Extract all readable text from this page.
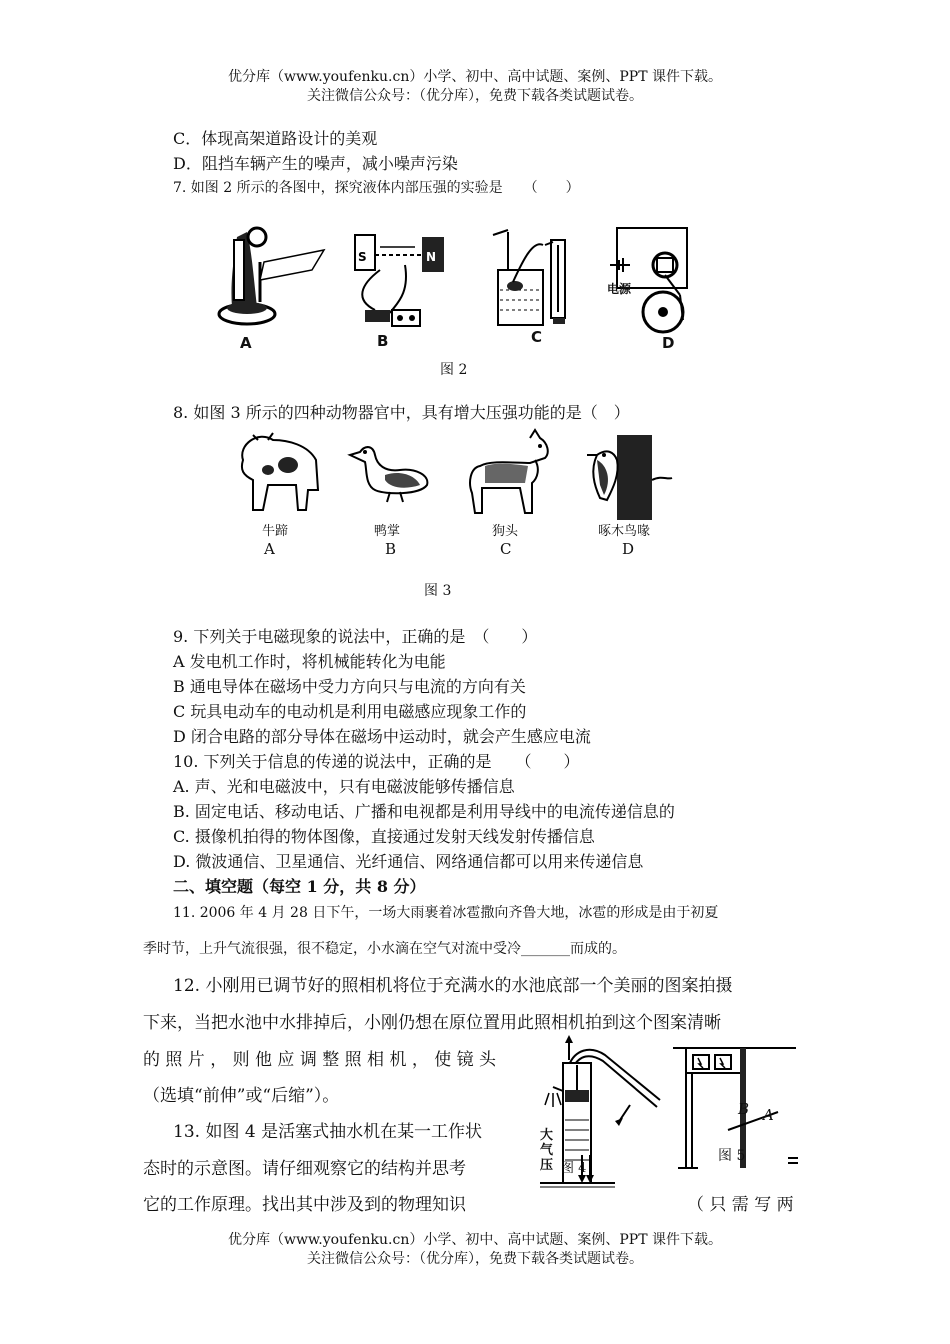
优分库（www.youfenku.cn）小学、初中、高中试题、案例、PPT 课件下载。
关注微信公众号：（优分库），免费下载各类试题试卷。
C．体现高架道路设计的美观
D．阻挡车辆产生的噪声，减小噪声污染
7. 如图 2 所示的各图中，探究液体内部压强的实验是　　（　　）
S	N
A	B	C	D
电源
图 2
8. 如图 3 所示的四种动物器官中，具有增大压强功能的是（　）
牛蹄	鸭掌	狗头	啄木鸟喙
A	B	C	D
图 3
9. 下列关于电磁现象的说法中，正确的是　（　　）
A 发电机工作时，将机械能转化为电能
B 通电导体在磁场中受力方向只与电流的方向有关
C 玩具电动车的电动机是利用电磁感应现象工作的
D 闭合电路的部分导体在磁场中运动时，就会产生感应电流
10. 下列关于信息的传递的说法中，正确的是　　（　　）
A. 声、光和电磁波中，只有电磁波能够传播信息
B. 固定电话、移动电话、广播和电视都是利用导线中的电流传递信息的
C. 摄像机拍得的物体图像，直接通过发射天线发射传播信息
D. 微波通信、卫星通信、光纤通信、网络通信都可以用来传递信息
二、填空题（每空 1 分，共 8 分）
11. 2006 年 4 月 28 日下午，一场大雨裹着冰雹撒向齐鲁大地，冰雹的形成是由于初夏
季时节，上升气流很强，很不稳定，小水滴在空气对流中受冷_______而成的。
12. 小刚用已调节好的照相机将位于充满水的水池底部一个美丽的图案拍摄
下来，当把水池中水排掉后，小刚仍想在原位置用此照相机拍到这个图案清晰
的 照 片 ， 则 他 应 调 整 照 相 机 ， 使 镜 头
（选填“前伸”或“后缩”）。
13. 如图 4 是活塞式抽水机在某一工作状
态时的示意图。请仔细观察它的结构并思考
它的工作原理。找出其中涉及到的物理知识	（ 只 需 写 两
大气压 图 4
B A
图 5
优分库（www.youfenku.cn）小学、初中、高中试题、案例、PPT 课件下载。
关注微信公众号：（优分库），免费下载各类试题试卷。
